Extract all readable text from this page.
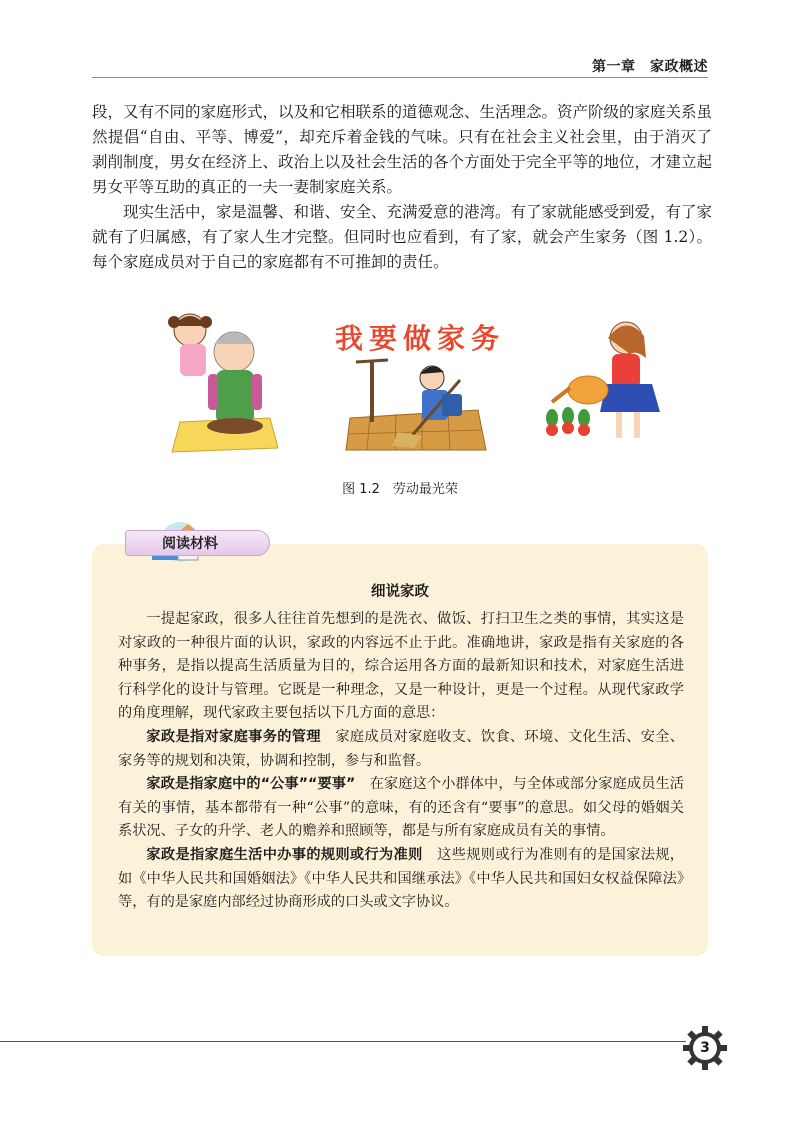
第一章　家政概述

段，又有不同的家庭形式，以及和它相联系的道德观念、生活理念。资产阶级的家庭关系虽然提倡“自由、平等、博爱”，却充斥着金钱的气味。只有在社会主义社会里，由于消灭了剥削制度，男女在经济上、政治上以及社会生活的各个方面处于完全平等的地位，才建立起男女平等互助的真正的一夫一妻制家庭关系。

现实生活中，家是温馨、和谐、安全、充满爱意的港湾。有了家就能感受到爱，有了家就有了归属感，有了家人生才完整。但同时也应看到，有了家，就会产生家务（图 1.2）。每个家庭成员对于自己的家庭都有不可推卸的责任。

我要做家务
图 1.2　劳动最光荣
阅读材料
细说家政

一提起家政，很多人往往首先想到的是洗衣、做饭、打扫卫生之类的事情，其实这是对家政的一种很片面的认识，家政的内容远不止于此。准确地讲，家政是指有关家庭的各种事务，是指以提高生活质量为目的，综合运用各方面的最新知识和技术，对家庭生活进行科学化的设计与管理。它既是一种理念，又是一种设计，更是一个过程。从现代家政学的角度理解，现代家政主要包括以下几方面的意思：

家政是指对家庭事务的管理　家庭成员对家庭收支、饮食、环境、文化生活、安全、家务等的规划和决策，协调和控制，参与和监督。

家政是指家庭中的“公事”“要事”　在家庭这个小群体中，与全体或部分家庭成员生活有关的事情，基本都带有一种“公事”的意味，有的还含有“要事”的意思。如父母的婚姻关系状况、子女的升学、老人的赡养和照顾等，都是与所有家庭成员有关的事情。

家政是指家庭生活中办事的规则或行为准则　这些规则或行为准则有的是国家法规，如《中华人民共和国婚姻法》《中华人民共和国继承法》《中华人民共和国妇女权益保障法》等，有的是家庭内部经过协商形成的口头或文字协议。

3
